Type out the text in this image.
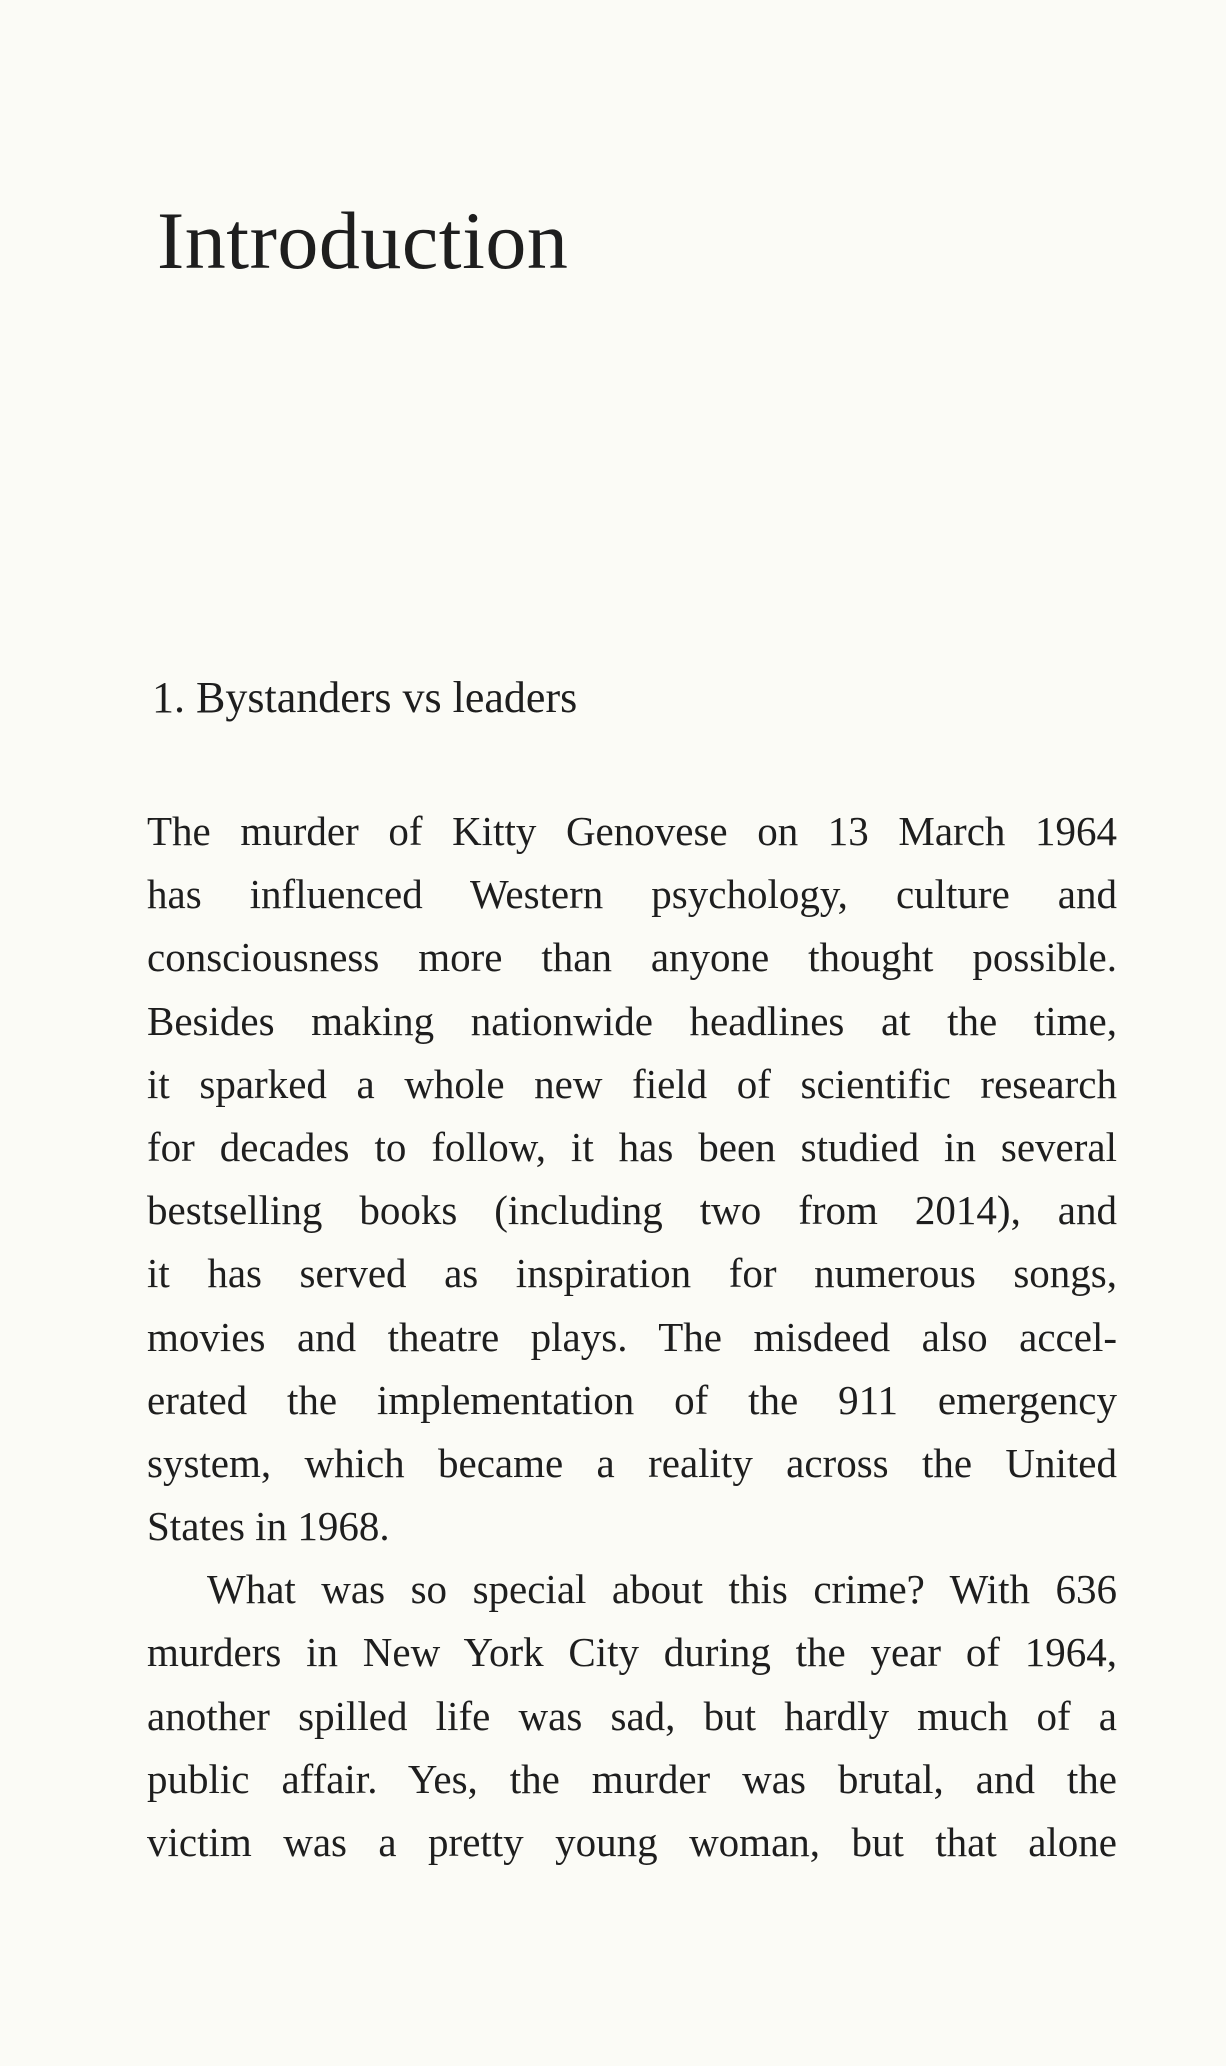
Introduction
1. Bystanders vs leaders
The murder of Kitty Genovese on 13 March 1964
has influenced Western psychology, culture and
consciousness more than anyone thought possible.
Besides making nationwide headlines at the time,
it sparked a whole new field of scientific research
for decades to follow, it has been studied in several
bestselling books (including two from 2014), and
it has served as inspiration for numerous songs,
movies and theatre plays. The misdeed also accel-
erated the implementation of the 911 emergency
system, which became a reality across the United
States in 1968.
What was so special about this crime? With 636
murders in New York City during the year of 1964,
another spilled life was sad, but hardly much of a
public affair. Yes, the murder was brutal, and the
victim was a pretty young woman, but that alone
